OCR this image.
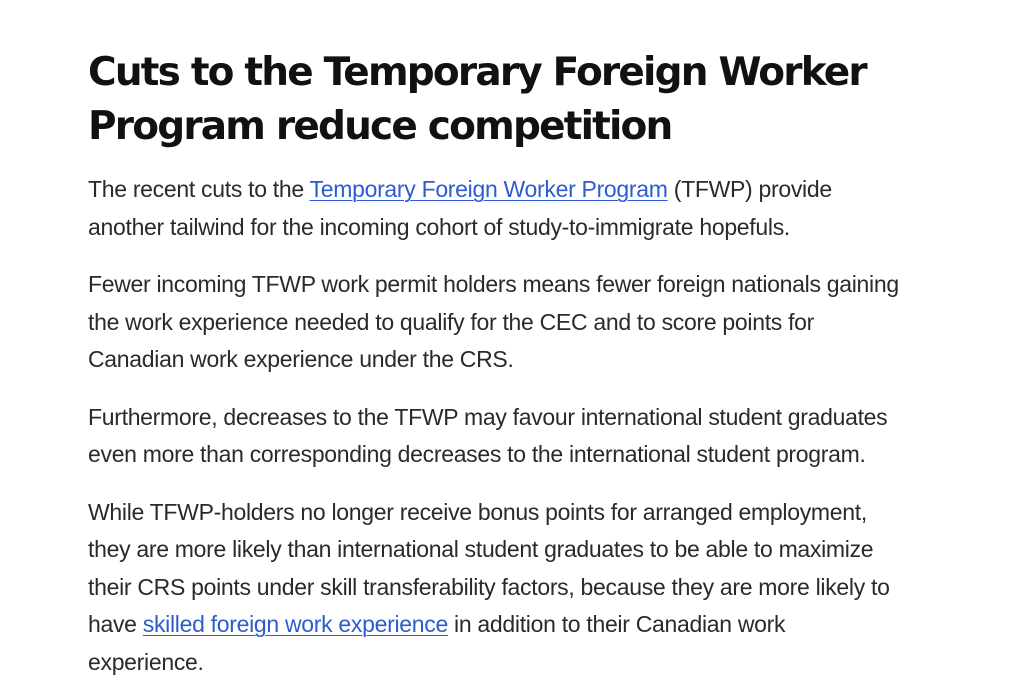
Cuts to the Temporary Foreign Worker
Program reduce competition

The recent cuts to the Temporary Foreign Worker Program (TFWP) provide
another tailwind for the incoming cohort of study-to-immigrate hopefuls.

Fewer incoming TFWP work permit holders means fewer foreign nationals gaining
the work experience needed to qualify for the CEC and to score points for
Canadian work experience under the CRS.

Furthermore, decreases to the TFWP may favour international student graduates
even more than corresponding decreases to the international student program.

While TFWP-holders no longer receive bonus points for arranged employment,
they are more likely than international student graduates to be able to maximize
their CRS points under skill transferability factors, because they are more likely to
have skilled foreign work experience in addition to their Canadian work
experience.
